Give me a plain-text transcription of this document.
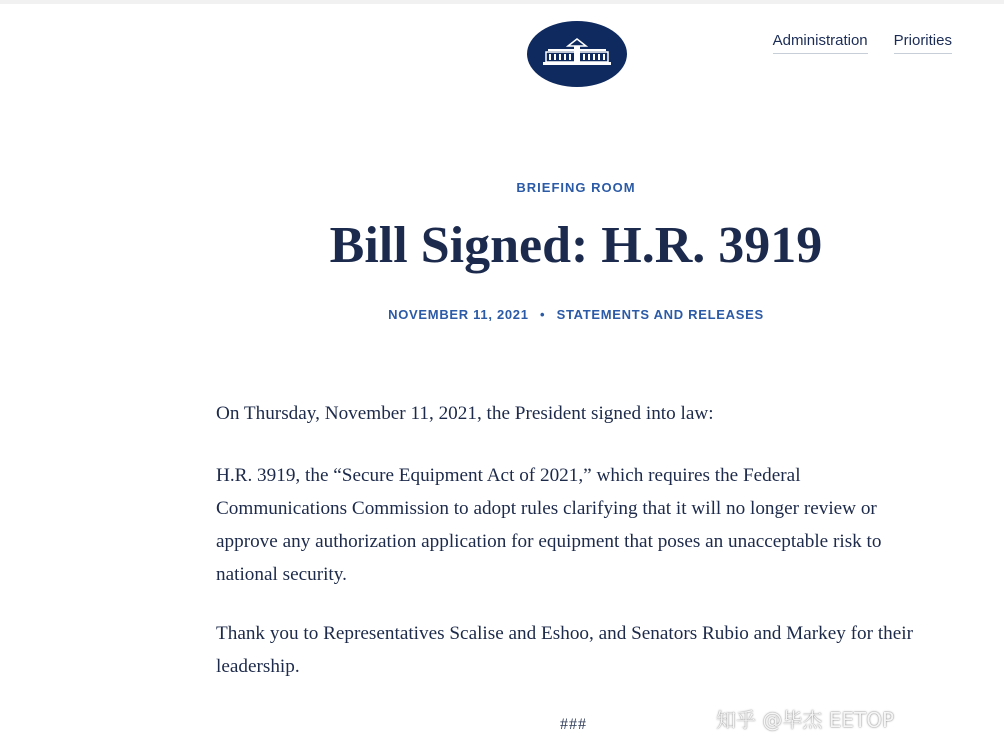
Administration Priorities
BRIEFING ROOM
Bill Signed: H.R. 3919
NOVEMBER 11, 2021 • STATEMENTS AND RELEASES

On Thursday, November 11, 2021, the President signed into law:

H.R. 3919, the “Secure Equipment Act of 2021,” which requires the Federal Communications Commission to adopt rules clarifying that it will no longer review or approve any authorization application for equipment that poses an unacceptable risk to national security.

Thank you to Representatives Scalise and Eshoo, and Senators Rubio and Markey for their leadership.

###	知乎 @毕杰 EETOP
